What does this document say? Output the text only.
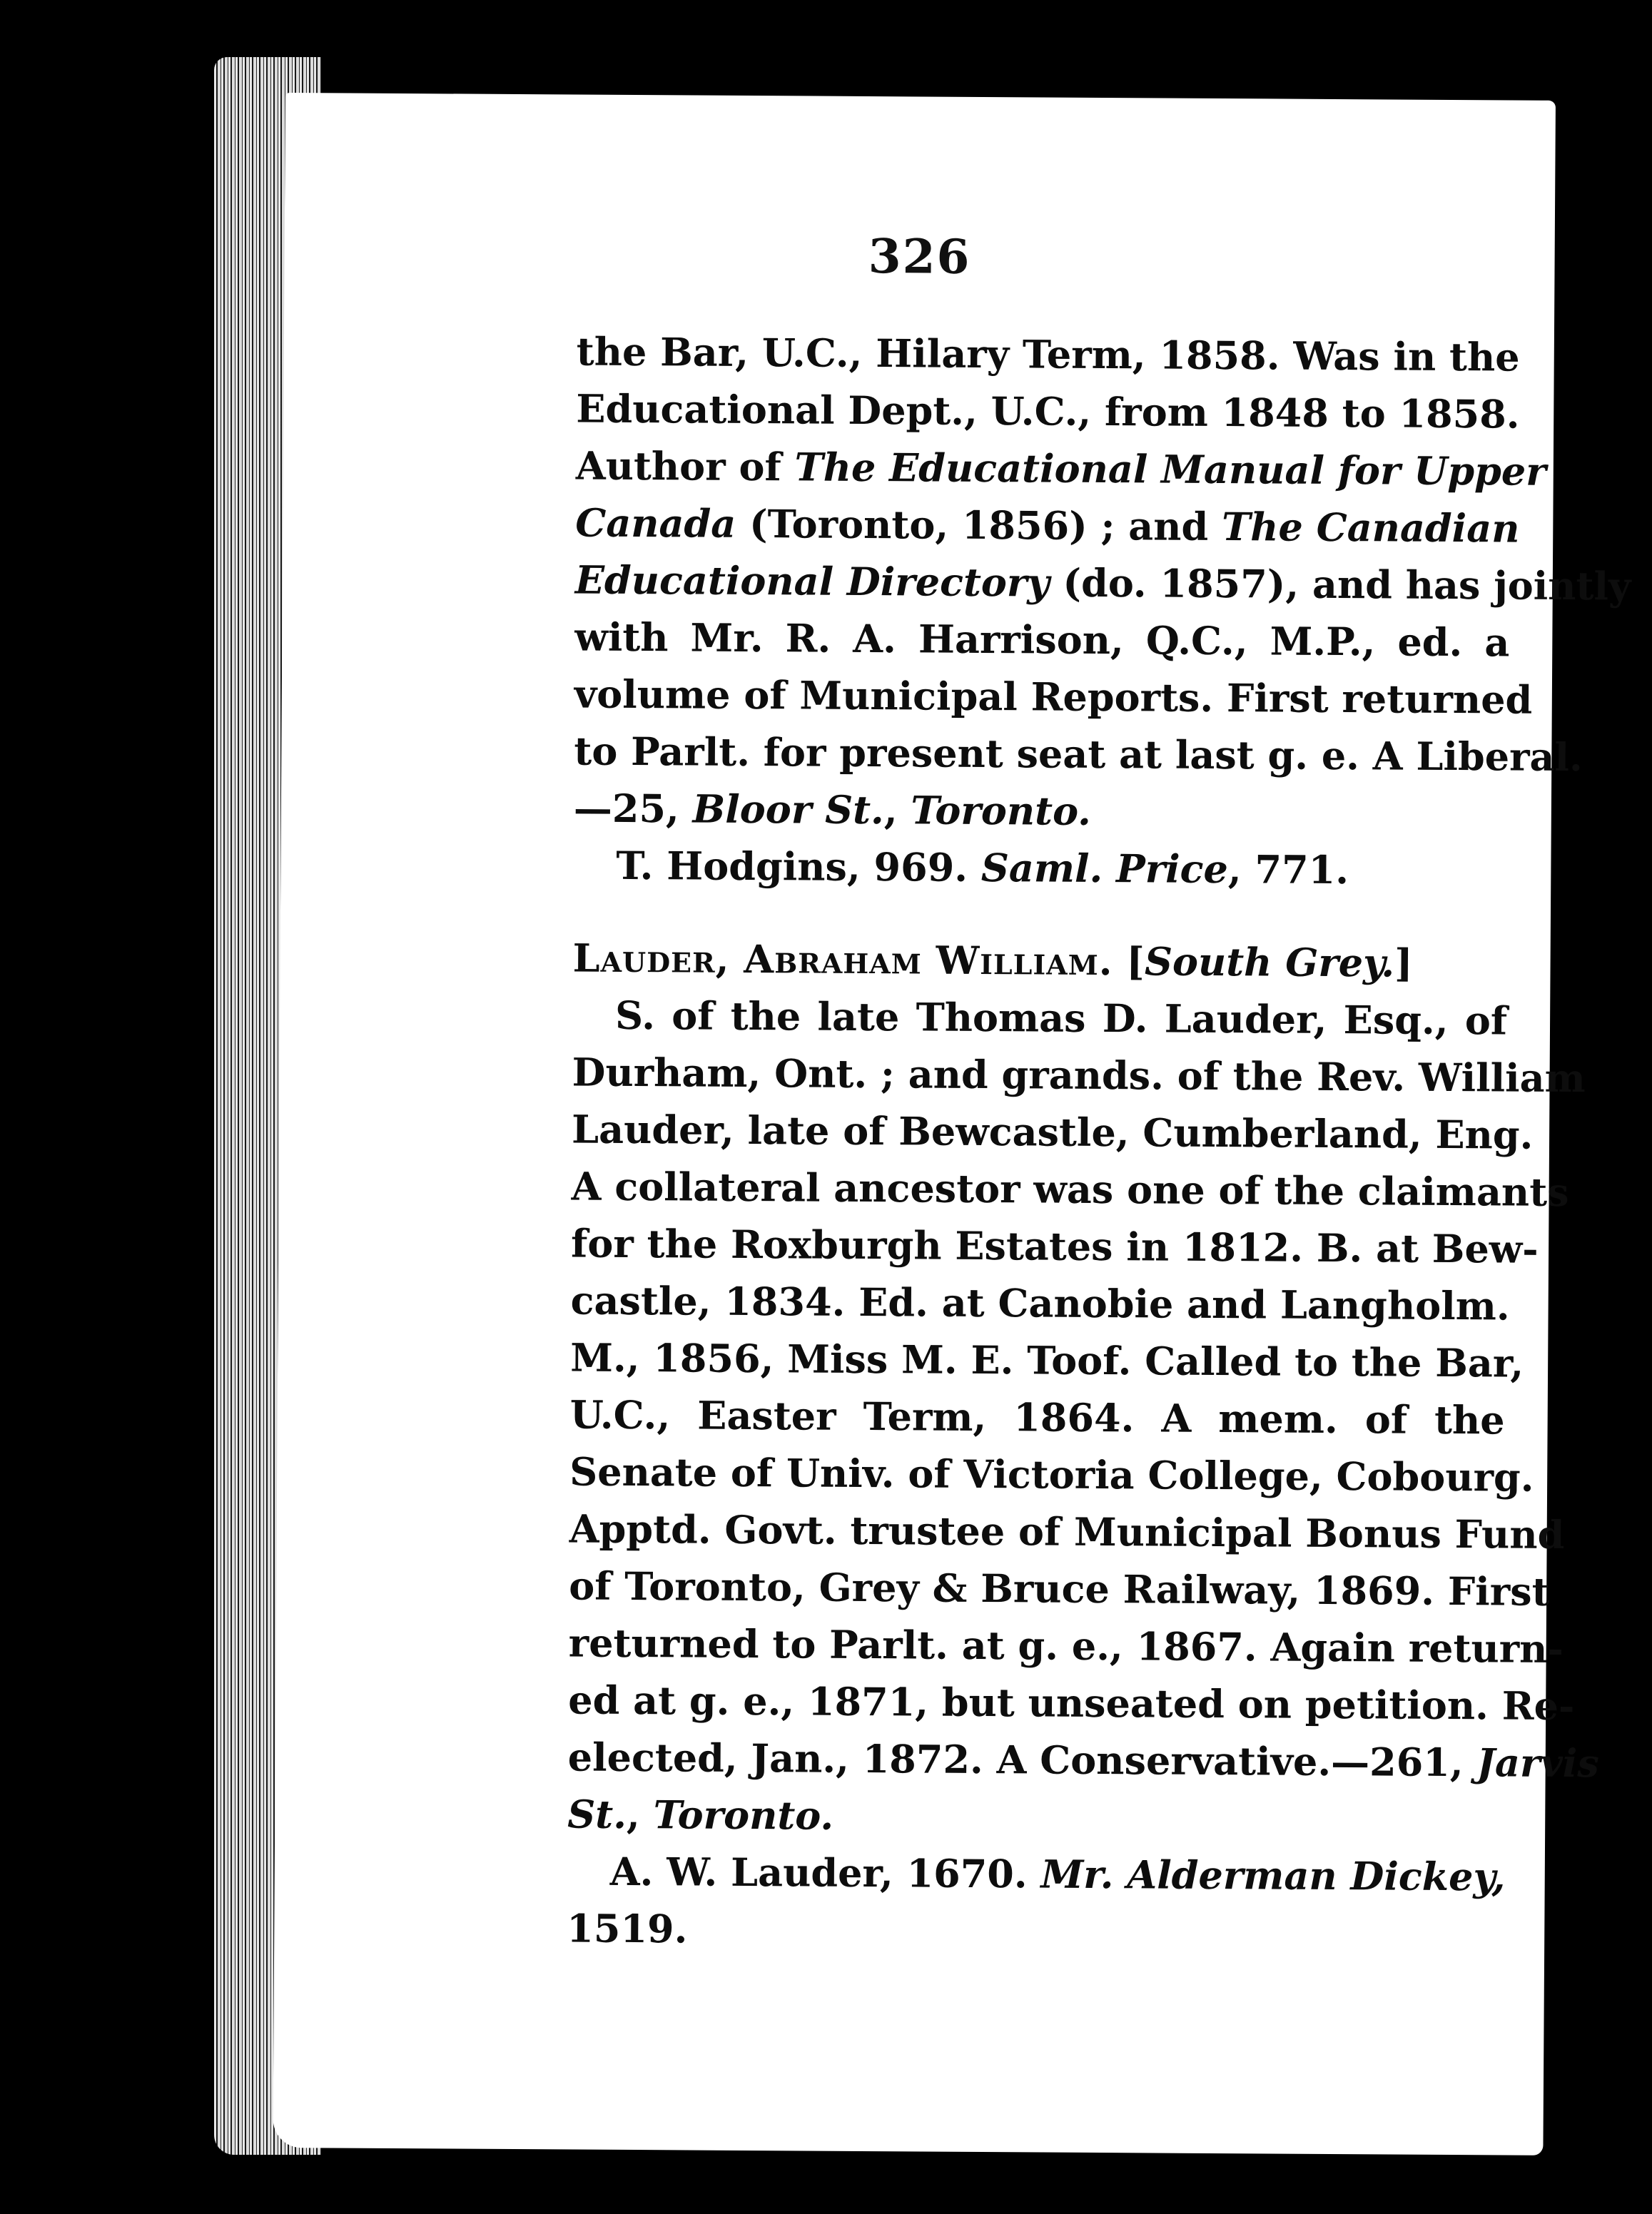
326
the Bar, U.C., Hilary Term, 1858. Was in the
Educational Dept., U.C., from 1848 to 1858.
Author of The Educational Manual for Upper
Canada (Toronto, 1856) ; and The Canadian
Educational Directory (do. 1857), and has jointly
with Mr. R. A. Harrison, Q.C., M.P., ed. a
volume of Municipal Reports. First returned
to Parlt. for present seat at last g. e. A Liberal.
—25, Bloor St., Toronto.
T. Hodgins, 969. Saml. Price, 771.
Lauder, Abraham William. [South Grey.]
S. of the late Thomas D. Lauder, Esq., of
Durham, Ont. ; and grands. of the Rev. William
Lauder, late of Bewcastle, Cumberland, Eng.
A collateral ancestor was one of the claimants
for the Roxburgh Estates in 1812. B. at Bew-
castle, 1834. Ed. at Canobie and Langholm.
M., 1856, Miss M. E. Toof. Called to the Bar,
U.C., Easter Term, 1864. A mem. of the
Senate of Univ. of Victoria College, Cobourg.
Apptd. Govt. trustee of Municipal Bonus Fund
of Toronto, Grey & Bruce Railway, 1869. First
returned to Parlt. at g. e., 1867. Again return-
ed at g. e., 1871, but unseated on petition. Re-
elected, Jan., 1872. A Conservative.—261, Jarvis
St., Toronto.
A. W. Lauder, 1670. Mr. Alderman Dickey,
1519.
